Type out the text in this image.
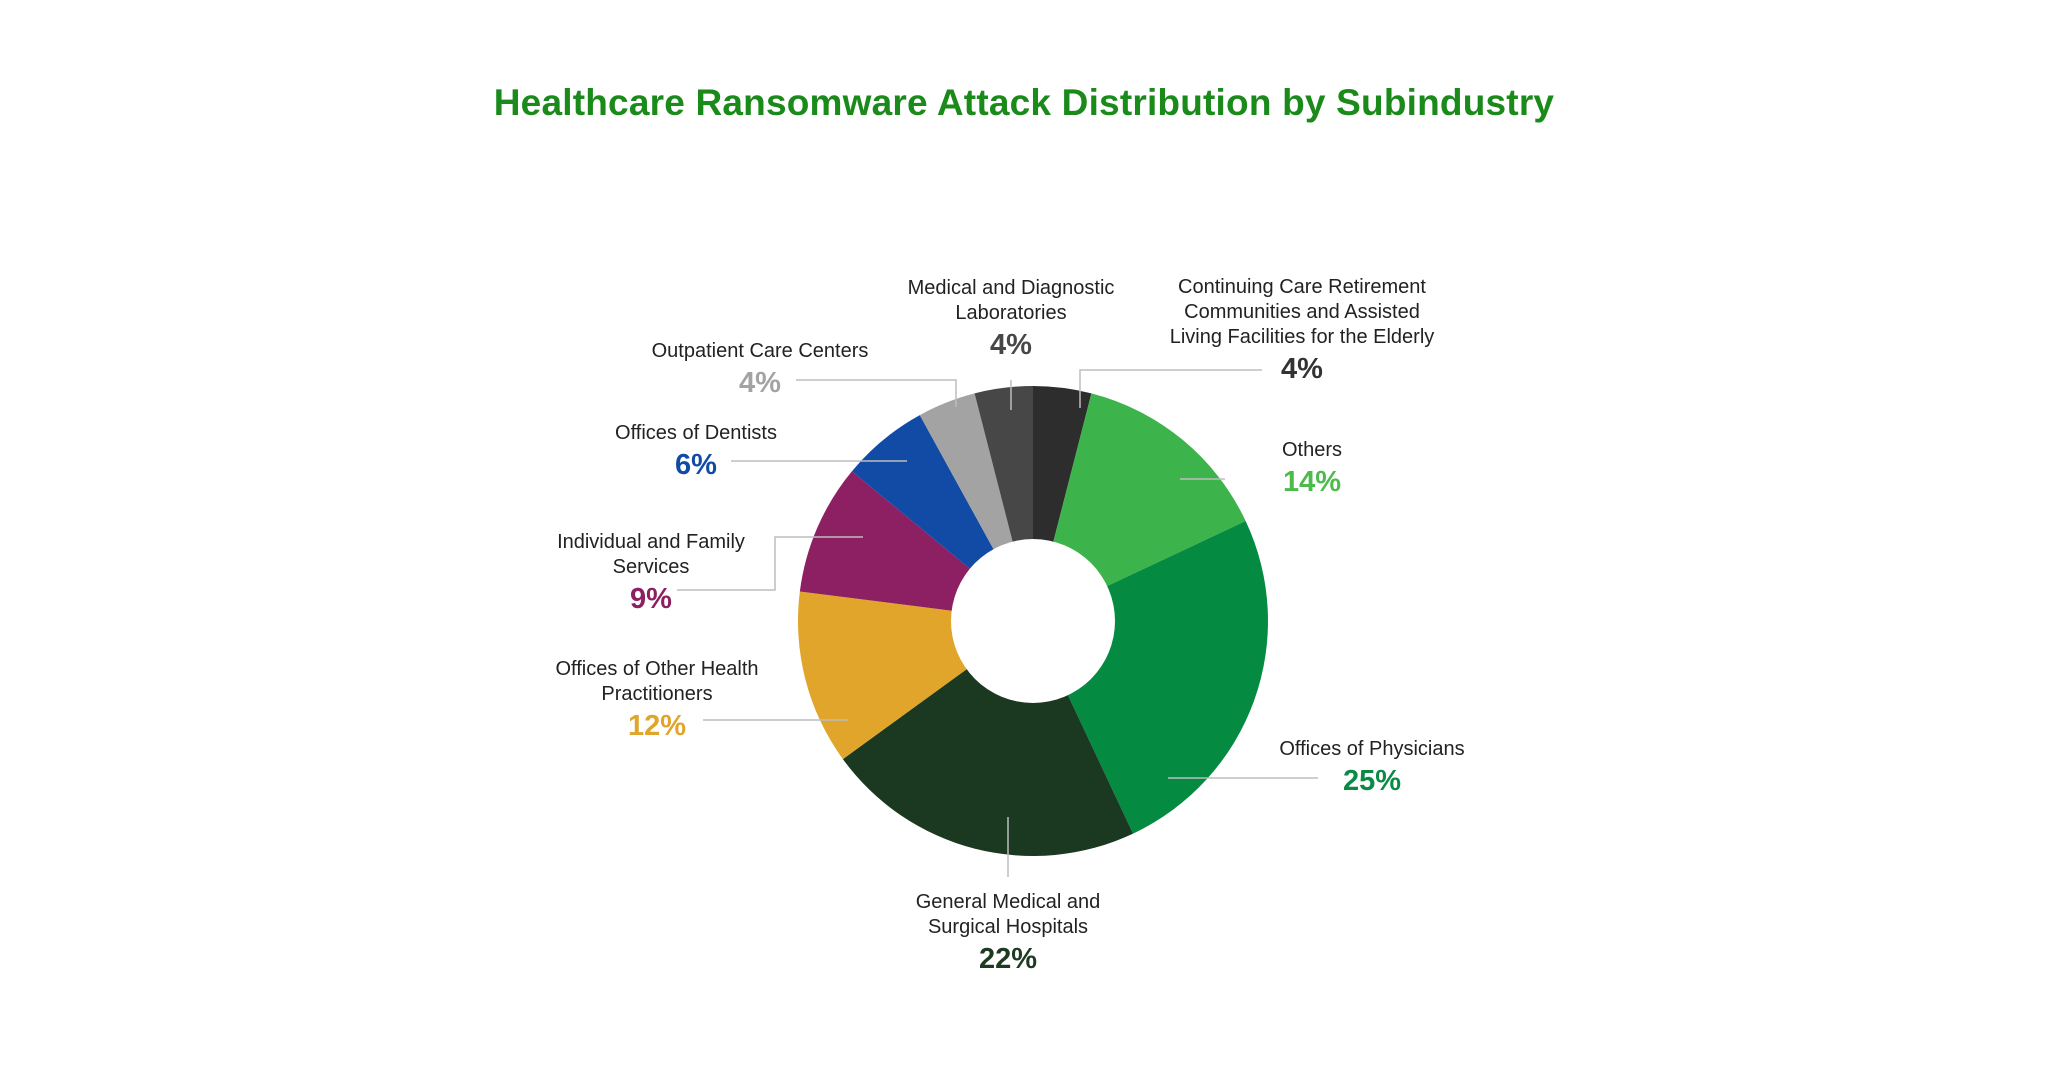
Healthcare Ransomware Attack Distribution by Subindustry
Continuing Care Retirement
Communities and Assisted
Living Facilities for the Elderly
4%
Others
14%
Offices of Physicians
25%
General Medical and
Surgical Hospitals
22%
Offices of Other Health
Practitioners
12%
Individual and Family
Services
9%
Offices of Dentists
6%
Outpatient Care Centers
4%
Medical and Diagnostic
Laboratories
4%
